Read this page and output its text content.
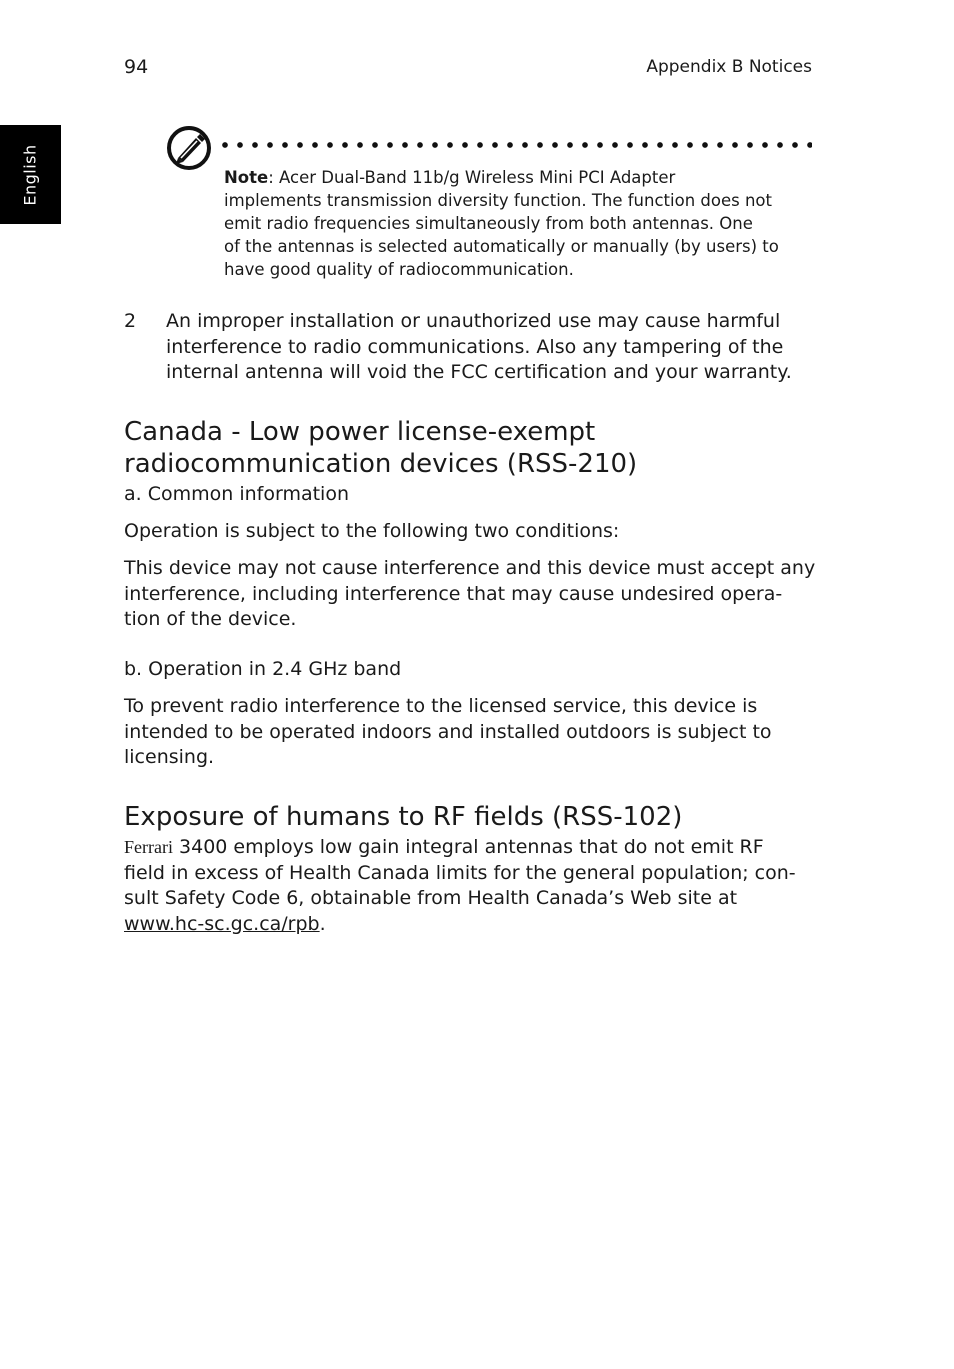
94	Appendix B Notices
English	Note: Acer Dual-Band 11b/g Wireless Mini PCI Adapter

implements transmission diversity function. The function does not

emit radio frequencies simultaneously from both antennas. One

of the antennas is selected automatically or manually (by users) to

have good quality of radiocommunication.

2 An improper installation or unauthorized use may cause harmful

interference to radio communications. Also any tampering of the

internal antenna will void the FCC certification and your warranty.

Canada - Low power license-exempt

radiocommunication devices (RSS-210)

a. Common information
Operation is subject to the following two conditions:

This device may not cause interference and this device must accept any

interference, including interference that may cause undesired opera-

tion of the device.

b. Operation in 2.4 GHz band

To prevent radio interference to the licensed service, this device is

intended to be operated indoors and installed outdoors is subject to

licensing.

Exposure of humans to RF fields (RSS-102)

Ferrari 3400 employs low gain integral antennas that do not emit RF

field in excess of Health Canada limits for the general population; con-

sult Safety Code 6, obtainable from Health Canada’s Web site at

www.hc-sc.gc.ca/rpb.
